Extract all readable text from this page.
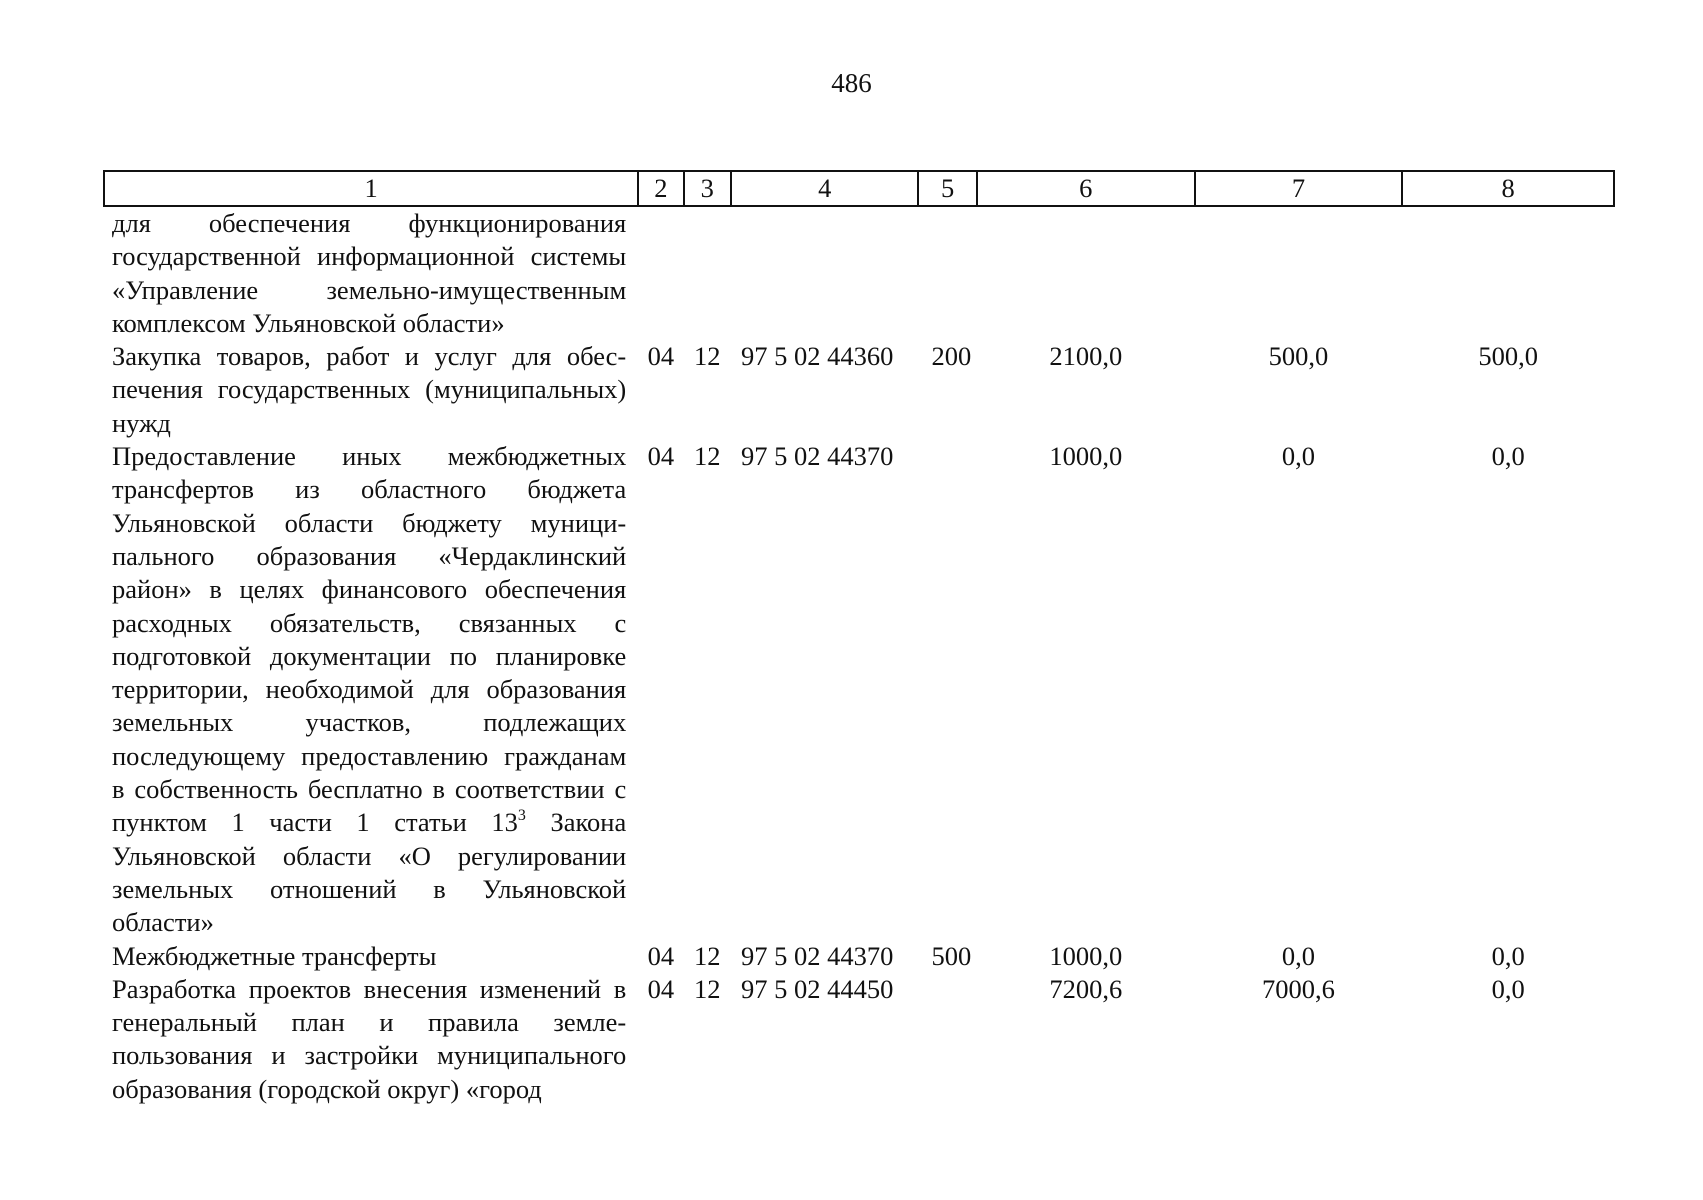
486
1	2	3	4	5	6	7	8
для обеспечения функционирования государственной информационной системы «Управление земельно-имущественным комплексом Ульяновской области»							
Закупка товаров, работ и услуг для обеспечения государственных (муниципальных) нужд	04	12	97 5 02 44360	200	2100,0	500,0	500,0
Предоставление иных межбюджетных трансфертов из областного бюджета Ульяновской области бюджету муниципального образования «Чердаклинский район» в целях финансового обеспечения расходных обязательств, связанных с подготовкой документации по планировке территории, необходимой для образования земельных участков, подлежащих последующему предоставлению гражданам в собственность бесплатно в соответствии с пунктом 1 части 1 статьи $13^3$ Закона Ульяновской области «О регулировании земельных отношений в Ульяновской области»	04	12	97 5 02 44370		1000,0	0,0	0,0
Межбюджетные трансферты	04	12	97 5 02 44370	500	1000,0	0,0	0,0
Разработка проектов внесения изменений в генеральный план и правила землепользования и застройки муниципального образования (городской округ) «город	04	12	97 5 02 44450		7200,6	7000,6	0,0
